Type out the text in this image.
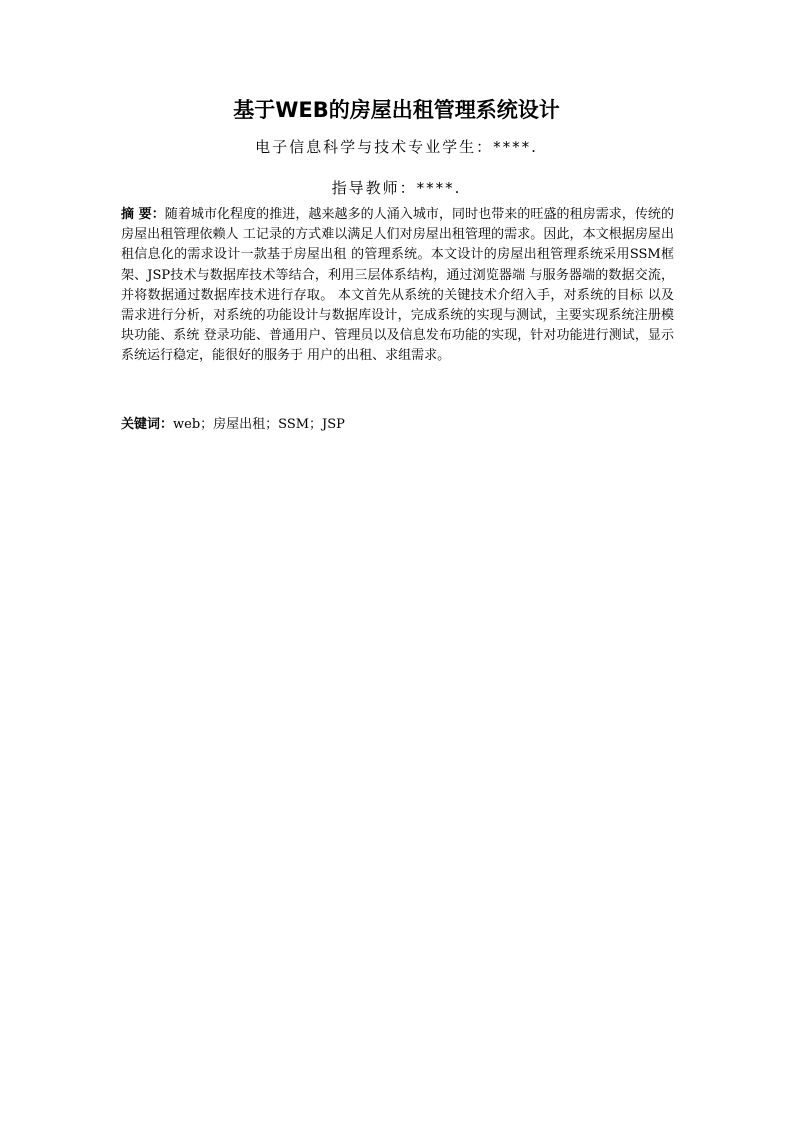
基于WEB的房屋出租管理系统设计

电子信息科学与技术专业学生：****.

指导教师：****.

摘 要：随着城市化程度的推进，越来越多的人涌入城市，同时也带来的旺盛的租房需求，传统的房屋出租管理依赖人 工记录的方式难以满足人们对房屋出租管理的需求。因此，本文根据房屋出租信息化的需求设计一款基于房屋出租 的管理系统。本文设计的房屋出租管理系统采用SSM框架、JSP技术与数据库技术等结合，利用三层体系结构，通过浏览器端 与服务器端的数据交流，并将数据通过数据库技术进行存取。 本文首先从系统的关键技术介绍入手，对系统的目标 以及需求进行分析，对系统的功能设计与数据库设计，完成系统的实现与测试，主要实现系统注册模块功能、系统 登录功能、普通用户、管理员以及信息发布功能的实现，针对功能进行测试，显示系统运行稳定，能很好的服务于 用户的出租、求组需求。

关键词：web；房屋出租；SSM；JSP
